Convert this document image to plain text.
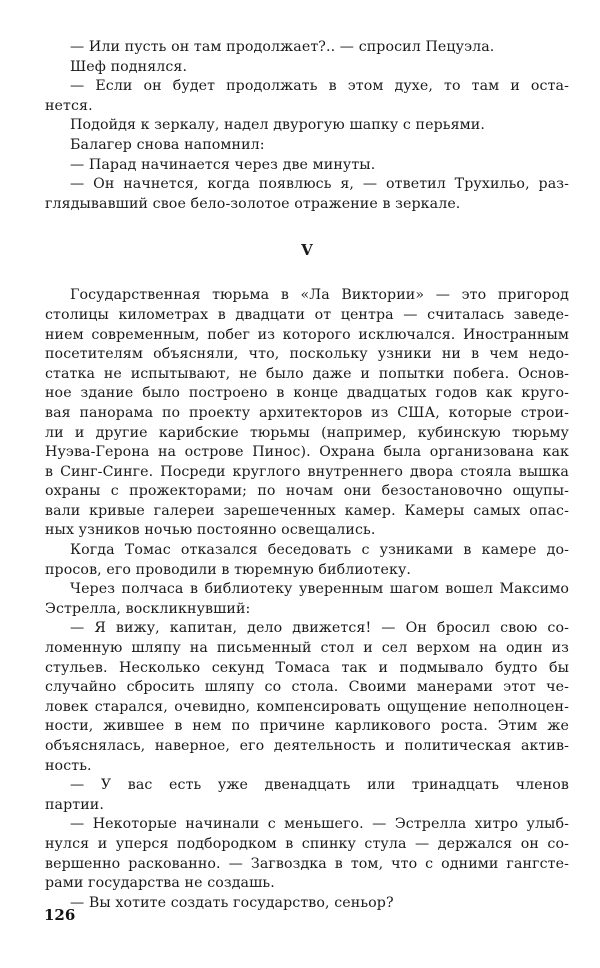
— Или пусть он там продолжает?.. — спросил Пецуэла.
Шеф поднялся.
— Если он будет продолжать в этом духе, то там и оста-
нется.
Подойдя к зеркалу, надел двурогую шапку с перьями.
Балагер снова напомнил:
— Парад начинается через две минуты.
— Он начнется, когда появлюсь я, — ответил Трухильо, раз-
глядывавший свое бело-золотое отражение в зеркале.
V
Государственная тюрьма в «Ла Виктории» — это пригород
столицы километрах в двадцати от центра — считалась заведе-
нием современным, побег из которого исключался. Иностранным
посетителям объясняли, что, поскольку узники ни в чем недо-
статка не испытывают, не было даже и попытки побега. Основ-
ное здание было построено в конце двадцатых годов как круго-
вая панорама по проекту архитекторов из США, которые строи-
ли и другие карибские тюрьмы (например, кубинскую тюрьму
Нуэва-Герона на острове Пинос). Охрана была организована как
в Синг-Синге. Посреди круглого внутреннего двора стояла вышка
охраны с прожекторами; по ночам они безостановочно ощупы-
вали кривые галереи зарешеченных камер. Камеры самых опас-
ных узников ночью постоянно освещались.
Когда Томас отказался беседовать с узниками в камере до-
просов, его проводили в тюремную библиотеку.
Через полчаса в библиотеку уверенным шагом вошел Максимо
Эстрелла, воскликнувший:
— Я вижу, капитан, дело движется! — Он бросил свою со-
ломенную шляпу на письменный стол и сел верхом на один из
стульев. Несколько секунд Томаса так и подмывало будто бы
случайно сбросить шляпу со стола. Своими манерами этот че-
ловек старался, очевидно, компенсировать ощущение неполноцен-
ности, жившее в нем по причине карликового роста. Этим же
объяснялась, наверное, его деятельность и политическая актив-
ность.
— У вас есть уже двенадцать или тринадцать членов
партии.
— Некоторые начинали с меньшего. — Эстрелла хитро улыб-
нулся и уперся подбородком в спинку стула — держался он со-
вершенно раскованно. — Загвоздка в том, что с одними гангсте-
рами государства не создашь.
— Вы хотите создать государство, сеньор?
126
